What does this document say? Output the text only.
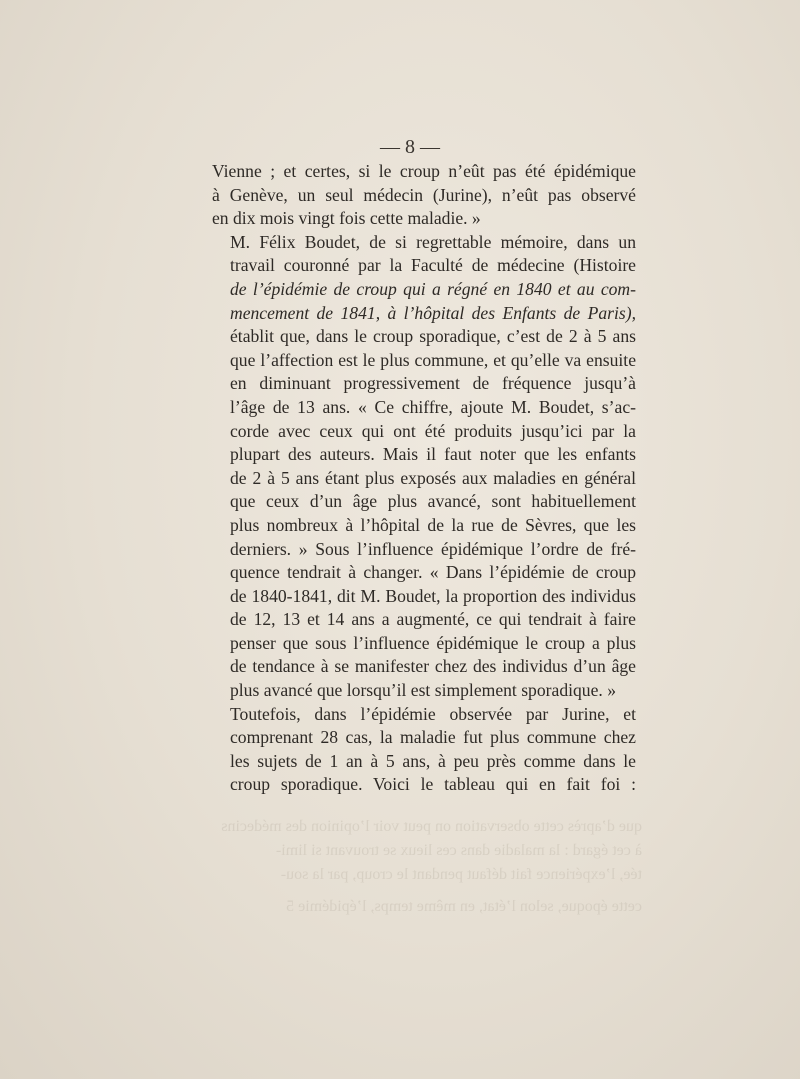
que d’après cette observation on peut voir l’opinion des médecins
à cet égard : la maladie dans ces lieux se trouvant si limi-
tée, l’expérience fait défaut pendant le croup, par la sou-
cette époque, selon l’état, en même temps, l’épidémie 5
— 8 —

Vienne ; et certes, si le croup n’eût pas été épidémique
à Genève, un seul médecin (Jurine), n’eût pas observé
en dix mois vingt fois cette maladie. »

M. Félix Boudet, de si regrettable mémoire, dans un
travail couronné par la Faculté de médecine (Histoire
de l’épidémie de croup qui a régné en 1840 et au com-
mencement de 1841, à l’hôpital des Enfants de Paris),
établit que, dans le croup sporadique, c’est de 2 à 5 ans
que l’affection est le plus commune, et qu’elle va ensuite
en diminuant progressivement de fréquence jusqu’à
l’âge de 13 ans. « Ce chiffre, ajoute M. Boudet, s’ac-
corde avec ceux qui ont été produits jusqu’ici par la
plupart des auteurs. Mais il faut noter que les enfants
de 2 à 5 ans étant plus exposés aux maladies en général
que ceux d’un âge plus avancé, sont habituellement
plus nombreux à l’hôpital de la rue de Sèvres, que les
derniers. » Sous l’influence épidémique l’ordre de fré-
quence tendrait à changer. « Dans l’épidémie de croup
de 1840-1841, dit M. Boudet, la proportion des individus
de 12, 13 et 14 ans a augmenté, ce qui tendrait à faire
penser que sous l’influence épidémique le croup a plus
de tendance à se manifester chez des individus d’un âge
plus avancé que lorsqu’il est simplement sporadique. »

Toutefois, dans l’épidémie observée par Jurine, et
comprenant 28 cas, la maladie fut plus commune chez
les sujets de 1 an à 5 ans, à peu près comme dans le
croup sporadique. Voici le tableau qui en fait foi :
